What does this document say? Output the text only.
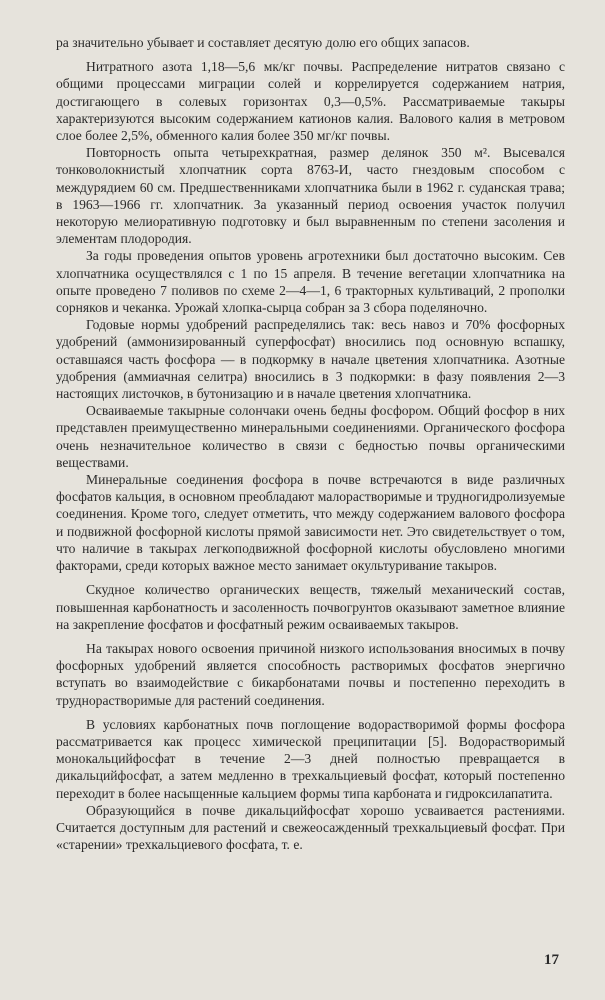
ра значительно убывает и составляет десятую долю его общих запасов.

Нитратного азота 1,18—5,6 мк/кг почвы. Распределение нитратов связано с общими процессами миграции солей и коррелируется содержанием натрия, достигающего в солевых горизонтах 0,3—0,5%. Рассматриваемые такыры характеризуются высоким содержанием катионов калия. Валового калия в метровом слое более 2,5%, обменного калия более 350 мг/кг почвы.

Повторность опыта четырехкратная, размер делянок 350 м². Высевался тонковолокнистый хлопчатник сорта 8763-И, часто гнездовым способом с междурядием 60 см. Предшественниками хлопчатника были в 1962 г. суданская трава; в 1963—1966 гг. хлопчатник. За указанный период освоения участок получил некоторую мелиоративную подготовку и был выравненным по степени засоления и элементам плодородия.

За годы проведения опытов уровень агротехники был достаточно высоким. Сев хлопчатника осуществлялся с 1 по 15 апреля. В течение вегетации хлопчатника на опыте проведено 7 поливов по схеме 2—4—1, 6 тракторных культиваций, 2 прополки сорняков и чеканка. Урожай хлопка-сырца собран за 3 сбора поделяночно.

Годовые нормы удобрений распределялись так: весь навоз и 70% фосфорных удобрений (аммонизированный суперфосфат) вносились под основную вспашку, оставшаяся часть фосфора — в подкормку в начале цветения хлопчатника. Азотные удобрения (аммиачная селитра) вносились в 3 подкормки: в фазу появления 2—3 настоящих листочков, в бутонизацию и в начале цветения хлопчатника.

Осваиваемые такырные солончаки очень бедны фосфором. Общий фосфор в них представлен преимущественно минеральными соединениями. Органического фосфора очень незначительное количество в связи с бедностью почвы органическими веществами.

Минеральные соединения фосфора в почве встречаются в виде различных фосфатов кальция, в основном преобладают малорастворимые и трудногидролизуемые соединения. Кроме того, следует отметить, что между содержанием валового фосфора и подвижной фосфорной кислоты прямой зависимости нет. Это свидетельствует о том, что наличие в такырах легкоподвижной фосфорной кислоты обусловлено многими факторами, среди которых важное место занимает окультуривание такыров.

Скудное количество органических веществ, тяжелый механический состав, повышенная карбонатность и засоленность почвогрунтов оказывают заметное влияние на закрепление фосфатов и фосфатный режим осваиваемых такыров.

На такырах нового освоения причиной низкого использования вносимых в почву фосфорных удобрений является способность растворимых фосфатов энергично вступать во взаимодействие с бикарбонатами почвы и постепенно переходить в труднорастворимые для растений соединения.

В условиях карбонатных почв поглощение водорастворимой формы фосфора рассматривается как процесс химической преципитации [5]. Водорастворимый монокальцийфосфат в течение 2—3 дней полностью превращается в дикальцийфосфат, а затем медленно в трехкальциевый фосфат, который постепенно переходит в более насыщенные кальцием формы типа карбоната и гидроксилапатита.

Образующийся в почве дикальцийфосфат хорошо усваивается растениями. Считается доступным для растений и свежеосажденный трехкальциевый фосфат. При «старении» трехкальциевого фосфата, т. е.

17
